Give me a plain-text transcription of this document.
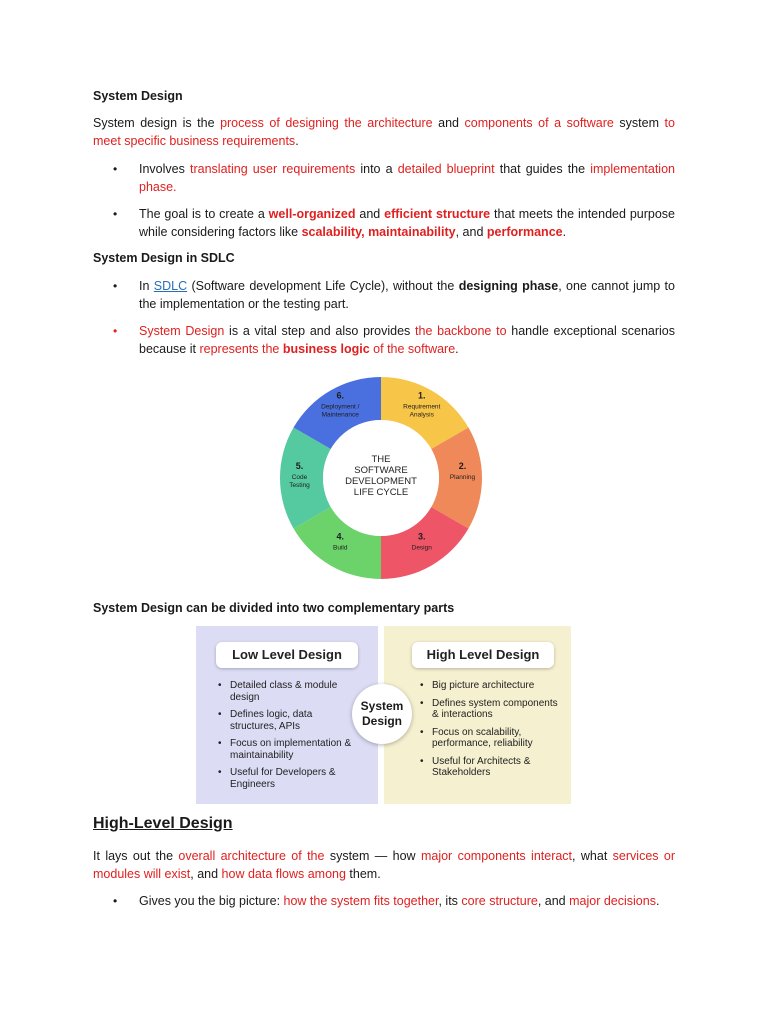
System Design
System design is the process of designing the architecture and components of a software system to meet specific business requirements.
• Involves translating user requirements into a detailed blueprint that guides the implementation phase.
• The goal is to create a well-organized and efficient structure that meets the intended purpose while considering factors like scalability, maintainability, and performance.
System Design in SDLC
• In SDLC (Software development Life Cycle), without the designing phase, one cannot jump to the implementation or the testing part.
• System Design is a vital step and also provides the backbone to handle exceptional scenarios because it represents the business logic of the software.
1.
Requirement
Analysis
2.
Planning
3.
Design
4.
Build
5.
Code
Testing
6.
Deployment /
Maintenance
THE
SOFTWARE
DEVELOPMENT
LIFE CYCLE
System Design can be divided into two complementary parts
Low Level Design
• Detailed class & module design
• Defines logic, data structures, APIs
• Focus on implementation & maintainability
• Useful for Developers & Engineers
High Level Design
• Big picture architecture
• Defines system components & interactions
• Focus on scalability, performance, reliability
• Useful for Architects & Stakeholders
System
Design
High-Level Design
It lays out the overall architecture of the system — how major components interact, what services or modules will exist, and how data flows among them.
• Gives you the big picture: how the system fits together, its core structure, and major decisions.
